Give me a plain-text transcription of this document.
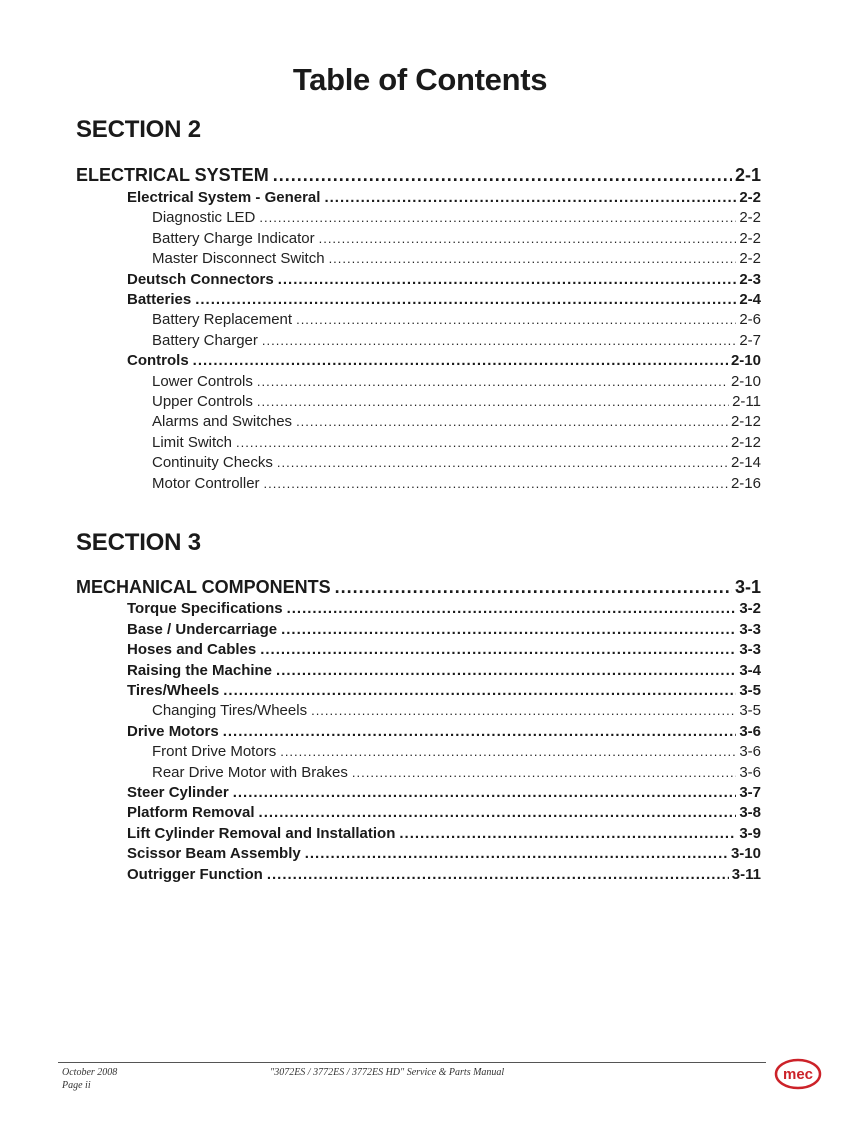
Table of Contents
SECTION 2
ELECTRICAL SYSTEM .....	2-1
Electrical System - General .....	2-2
Diagnostic LED .....	2-2
Battery Charge Indicator .....	2-2
Master Disconnect Switch .....	2-2
Deutsch Connectors .....	2-3
Batteries .....	2-4
Battery Replacement .....	2-6
Battery Charger .....	2-7
Controls .....	2-10
Lower Controls .....	2-10
Upper Controls .....	2-11
Alarms and Switches .....	2-12
Limit Switch .....	2-12
Continuity Checks .....	2-14
Motor Controller .....	2-16
SECTION 3
MECHANICAL COMPONENTS .....	3-1
Torque Specifications .....	3-2
Base / Undercarriage .....	3-3
Hoses and Cables .....	3-3
Raising the Machine .....	3-4
Tires/Wheels .....	3-5
Changing Tires/Wheels .....	3-5
Drive Motors .....	3-6
Front Drive Motors .....	3-6
Rear Drive Motor with Brakes .....	3-6
Steer Cylinder .....	3-7
Platform Removal .....	3-8
Lift Cylinder Removal and Installation .....	3-9
Scissor Beam Assembly .....	3-10
Outrigger Function .....	3-11
October 2008
Page ii
"3072ES / 3772ES / 3772ES HD" Service & Parts Manual	mec
